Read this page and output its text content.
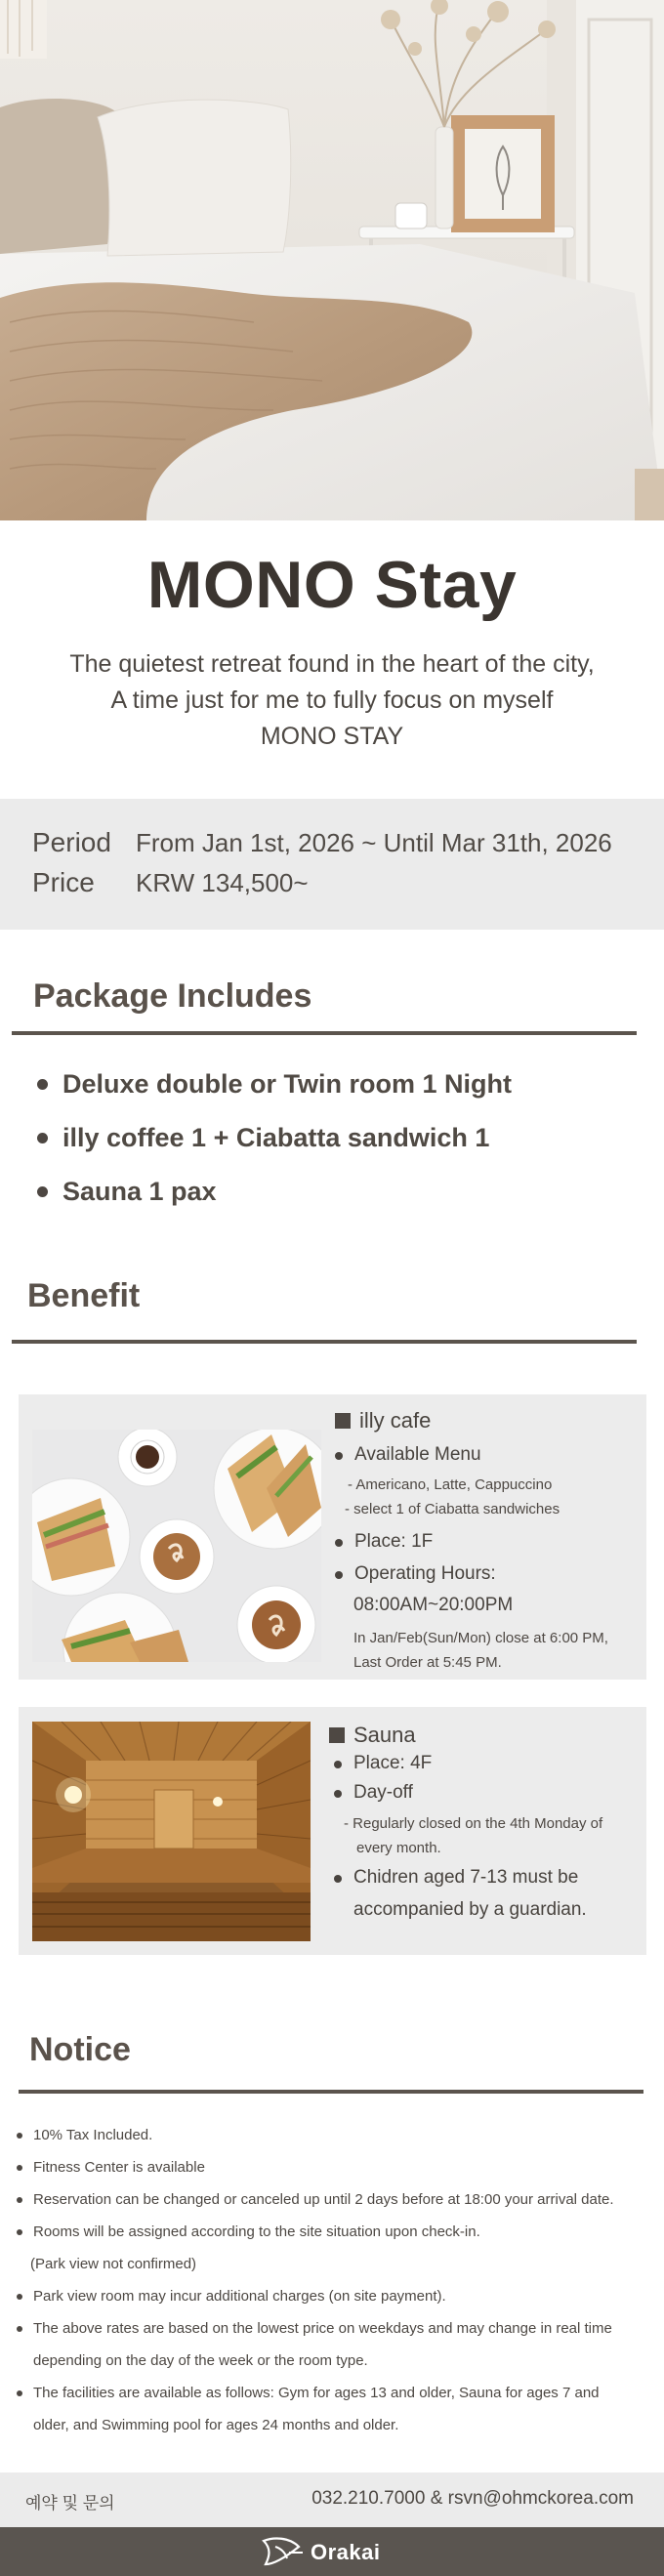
MONO Stay
The quietest retreat found in the heart of the city,
A time just for me to fully focus on myself
MONO STAY
Period From Jan 1st, 2026 ~ Until Mar 31th, 2026
Price KRW 134,500~
Package Includes
Deluxe double or Twin room 1 Night
illy coffee 1 + Ciabatta sandwich 1
Sauna 1 pax
Benefit
illy cafe
Available Menu
- Americano, Latte, Cappuccino
- select 1 of Ciabatta sandwiches
Place: 1F
Operating Hours:
08:00AM~20:00PM
In Jan/Feb(Sun/Mon) close at 6:00 PM,
Last Order at 5:45 PM.
Sauna
Place: 4F
Day-off
- Regularly closed on the 4th Monday of
every month.
Chidren aged 7-13 must be
accompanied by a guardian.
Notice
10% Tax Included.
Fitness Center is available
Reservation can be changed or canceled up until 2 days before at 18:00 your arrival date.
Rooms will be assigned according to the site situation upon check-in.
(Park view not confirmed)
Park view room may incur additional charges (on site payment).
The above rates are based on the lowest price on weekdays and may change in real time
depending on the day of the week or the room type.
The facilities are available as follows: Gym for ages 13 and older, Sauna for ages 7 and
older, and Swimming pool for ages 24 months and older.
예약 및 문의	032.210.7000 & rsvn@ohmckorea.com
Orakai
